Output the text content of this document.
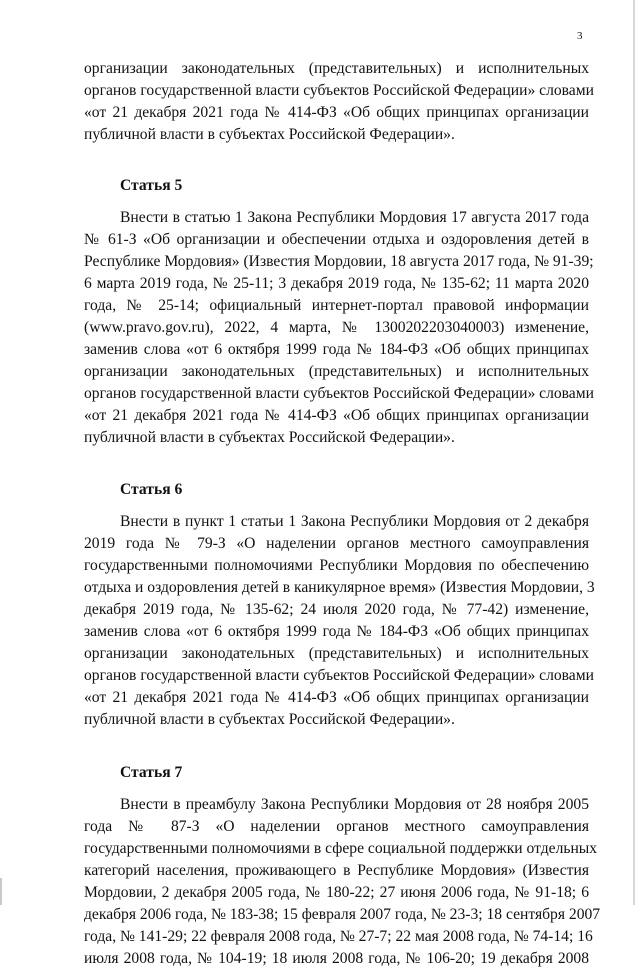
3
организации законодательных (представительных) и исполнительных
органов государственной власти субъектов Российской Федерации» словами
«от 21 декабря 2021 года № 414-ФЗ «Об общих принципах организации
публичной власти в субъектах Российской Федерации».
Статья 5
Внести в статью 1 Закона Республики Мордовия 17 августа 2017 года
№ 61-З «Об организации и обеспечении отдыха и оздоровления детей в
Республике Мордовия» (Известия Мордовии, 18 августа 2017 года, № 91-39;
6 марта 2019 года, № 25-11; 3 декабря 2019 года, № 135-62; 11 марта 2020
года, № 25-14; официальный интернет-портал правовой информации
(www.pravo.gov.ru), 2022, 4 марта, № 1300202203040003) изменение,
заменив слова «от 6 октября 1999 года № 184-ФЗ «Об общих принципах
организации законодательных (представительных) и исполнительных
органов государственной власти субъектов Российской Федерации» словами
«от 21 декабря 2021 года № 414-ФЗ «Об общих принципах организации
публичной власти в субъектах Российской Федерации».
Статья 6
Внести в пункт 1 статьи 1 Закона Республики Мордовия от 2 декабря
2019 года № 79-З «О наделении органов местного самоуправления
государственными полномочиями Республики Мордовия по обеспечению
отдыха и оздоровления детей в каникулярное время» (Известия Мордовии, 3
декабря 2019 года, № 135-62; 24 июля 2020 года, № 77-42) изменение,
заменив слова «от 6 октября 1999 года № 184-ФЗ «Об общих принципах
организации законодательных (представительных) и исполнительных
органов государственной власти субъектов Российской Федерации» словами
«от 21 декабря 2021 года № 414-ФЗ «Об общих принципах организации
публичной власти в субъектах Российской Федерации».
Статья 7
Внести в преамбулу Закона Республики Мордовия от 28 ноября 2005
года № 87-З «О наделении органов местного самоуправления
государственными полномочиями в сфере социальной поддержки отдельных
категорий населения, проживающего в Республике Мордовия» (Известия
Мордовии, 2 декабря 2005 года, № 180-22; 27 июня 2006 года, № 91-18; 6
декабря 2006 года, № 183-38; 15 февраля 2007 года, № 23-3; 18 сентября 2007
года, № 141-29; 22 февраля 2008 года, № 27-7; 22 мая 2008 года, № 74-14; 16
июля 2008 года, № 104-19; 18 июля 2008 года, № 106-20; 19 декабря 2008
